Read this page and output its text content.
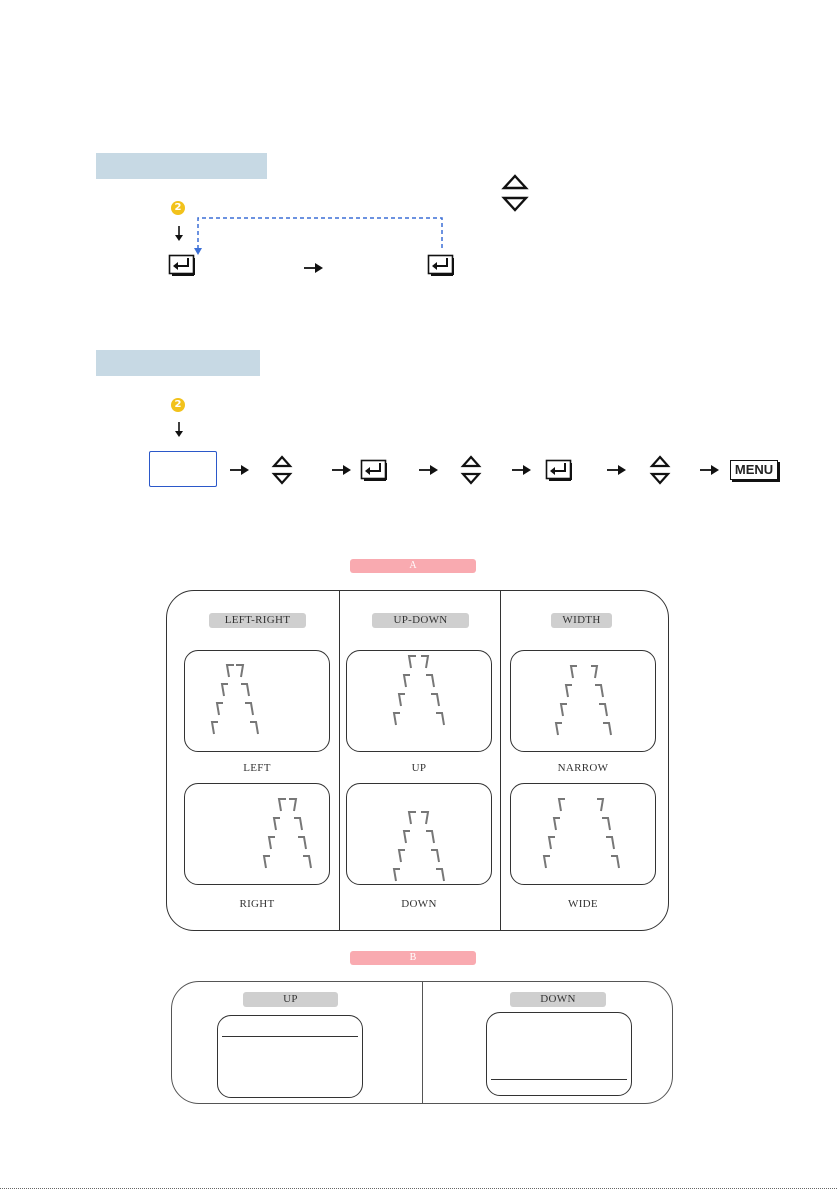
2
2
MENU
A
LEFT-RIGHT	UP-DOWN	WIDTH
LEFT	UP	NARROW
RIGHT	DOWN	WIDE
B
UP	DOWN
